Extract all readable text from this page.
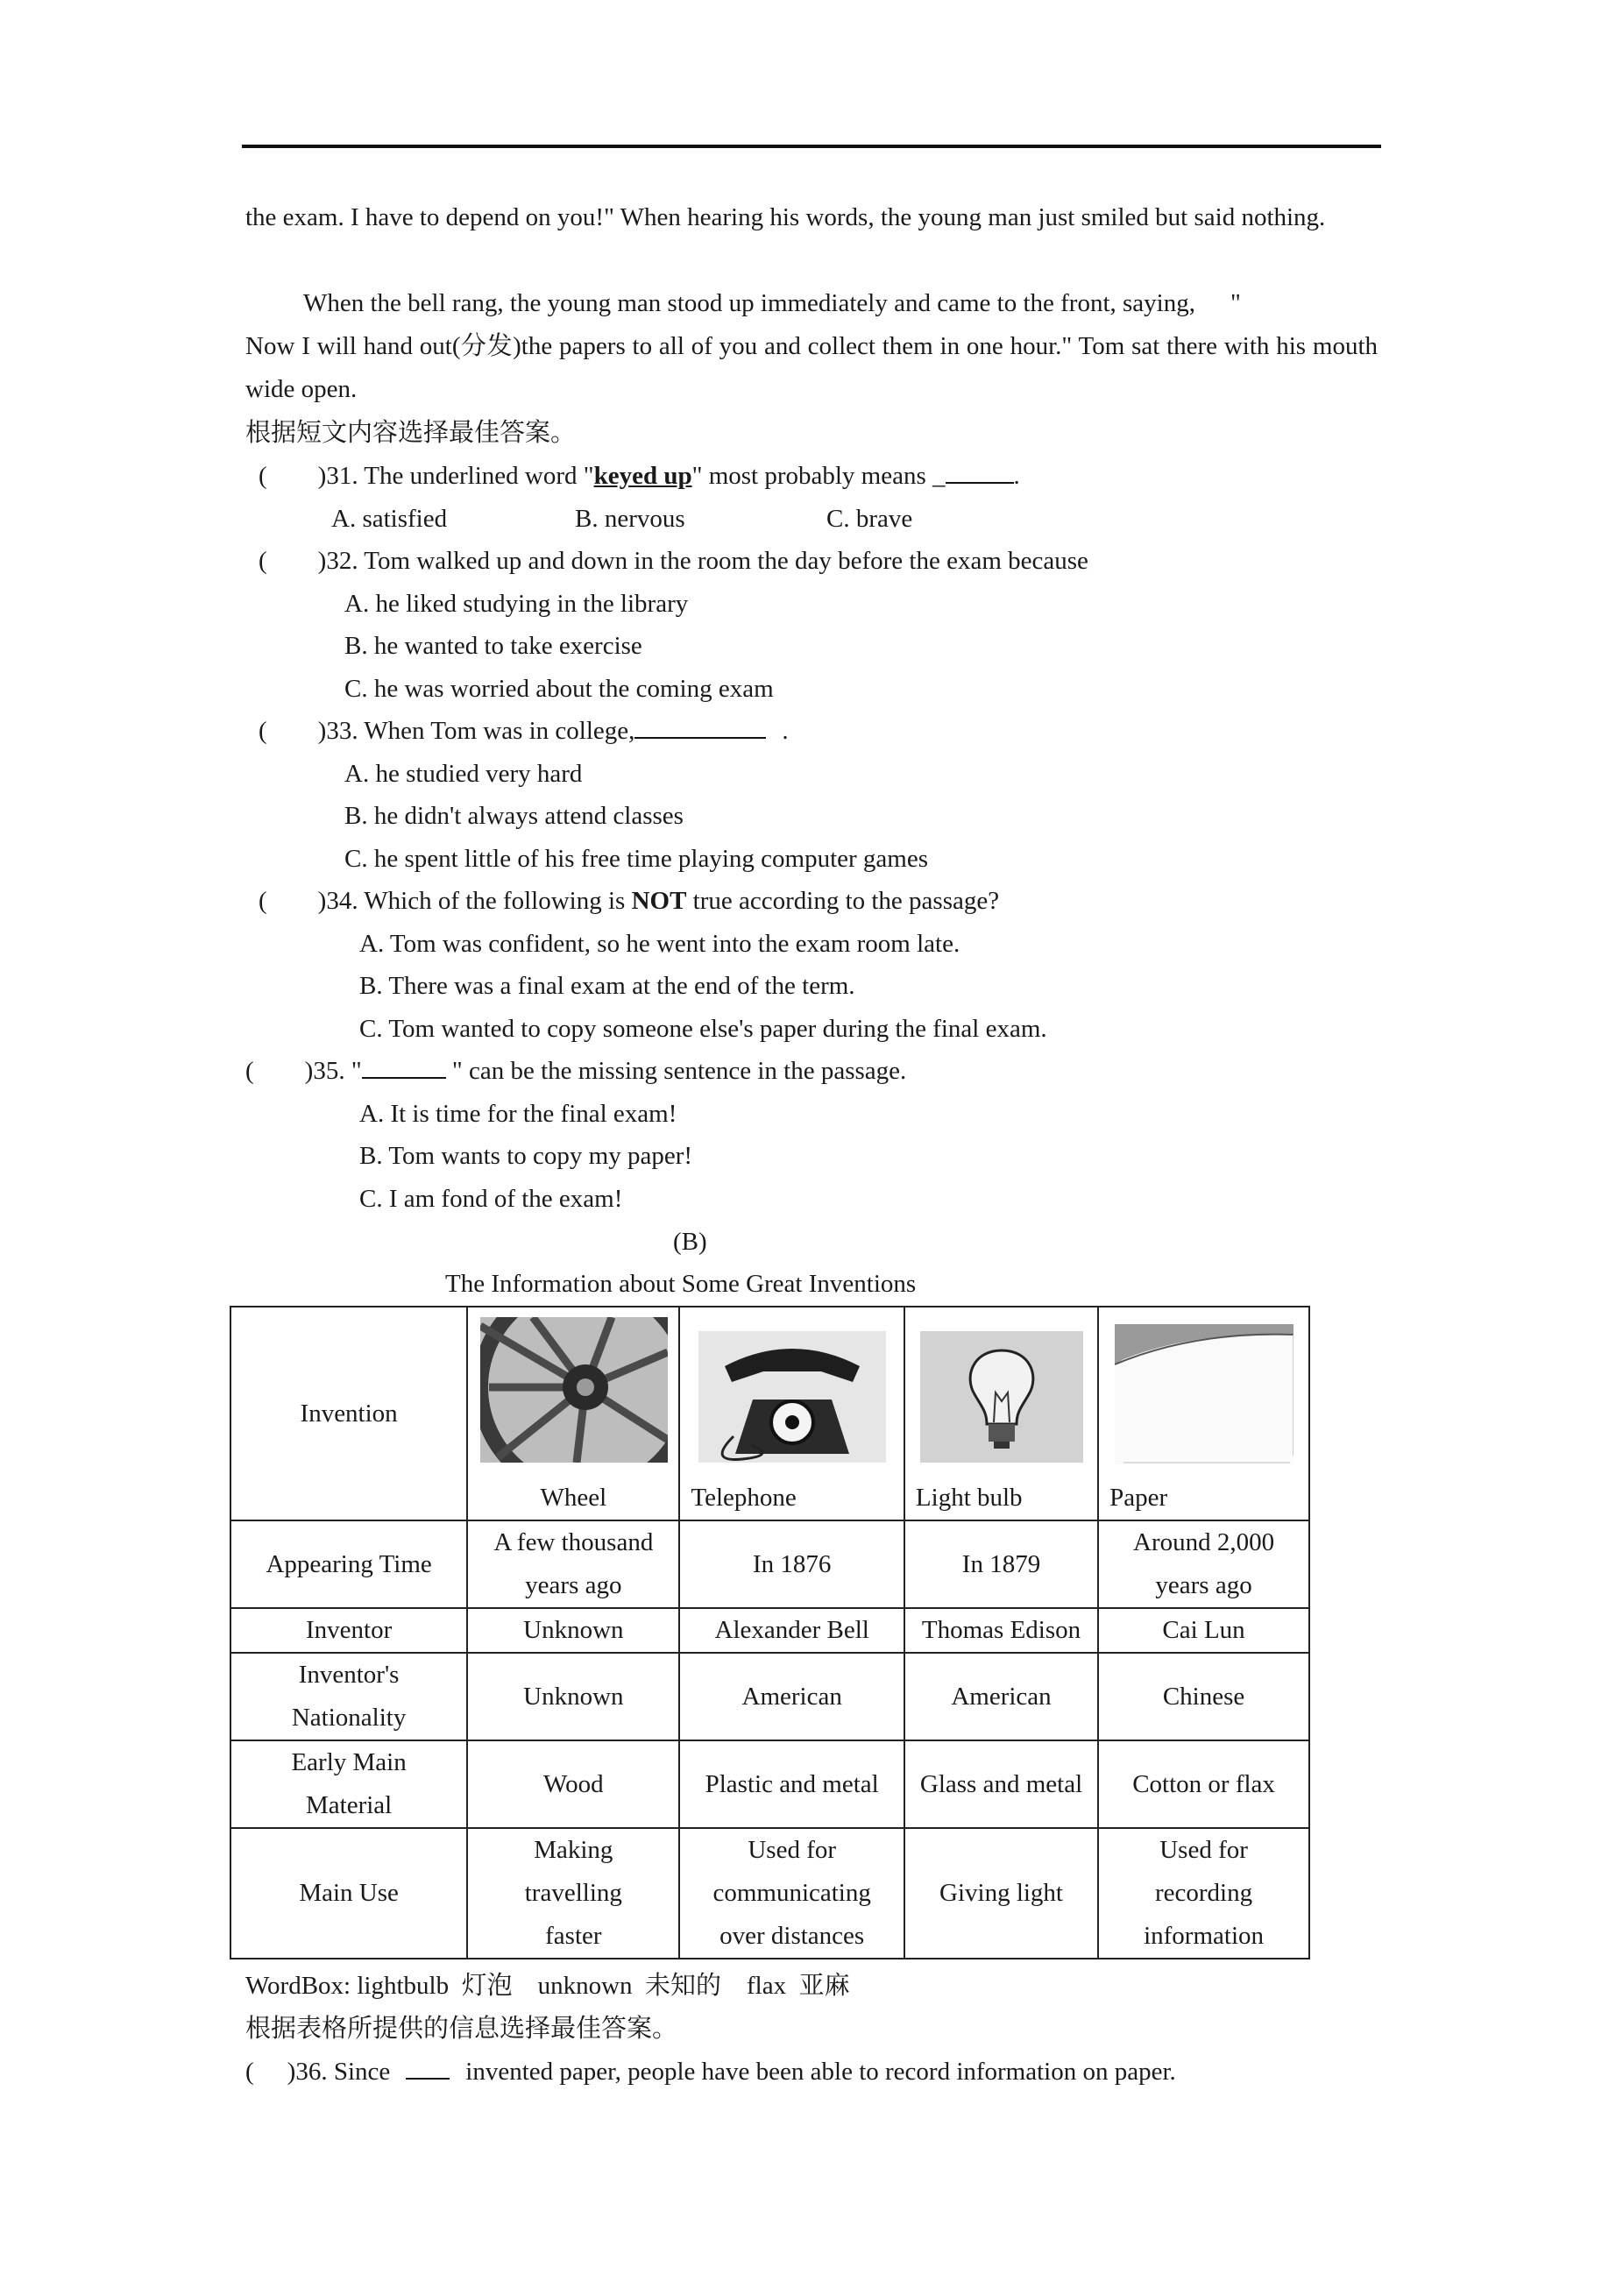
the exam. I have to depend on you!" When hearing his words, the young man just smiled but said nothing.
When the bell rang, the young man stood up immediately and came to the front, saying, "
Now I will hand out(分发)the papers to all of you and collect them in one hour." Tom sat there with his mouth wide open.
根据短文内容选择最佳答案。
( )31. The underlined word "keyed up" most probably means _	.
A. satisfied	B. nervous	C. brave
( )32. Tom walked up and down in the room the day before the exam because
A. he liked studying in the library
B. he wanted to take exercise
C. he was worried about the coming exam
( )33. When Tom was in college,	.
A. he studied very hard
B. he didn't always attend classes
C. he spent little of his free time playing computer games
( )34. Which of the following is NOT true according to the passage?
A. Tom was confident, so he went into the exam room late.
B. There was a final exam at the end of the term.
C. Tom wanted to copy someone else's paper during the final exam.
( )35. "	" can be the missing sentence in the passage.
A. It is time for the final exam!
B. Tom wants to copy my paper!
C. I am fond of the exam!
(B)
The Information about Some Great Inventions
Invention	Wheel	Telephone	Light bulb	Paper

Appearing Time	A few thousand years ago	In 1876	In 1879	Around 2,000 years ago
Inventor	Unknown	Alexander Bell	Thomas Edison	Cai Lun
Inventor's Nationality	Unknown	American	American	Chinese
Early Main Material	Wood	Plastic and metal	Glass and metal	Cotton or flax
Main Use	Making travelling faster	Used for communicating over distances	Giving light	Used for recording information
WordBox: lightbulb  灯泡    unknown  未知的    flax  亚麻
根据表格所提供的信息选择最佳答案。
( )36. Since	invented paper, people have been able to record information on paper.
